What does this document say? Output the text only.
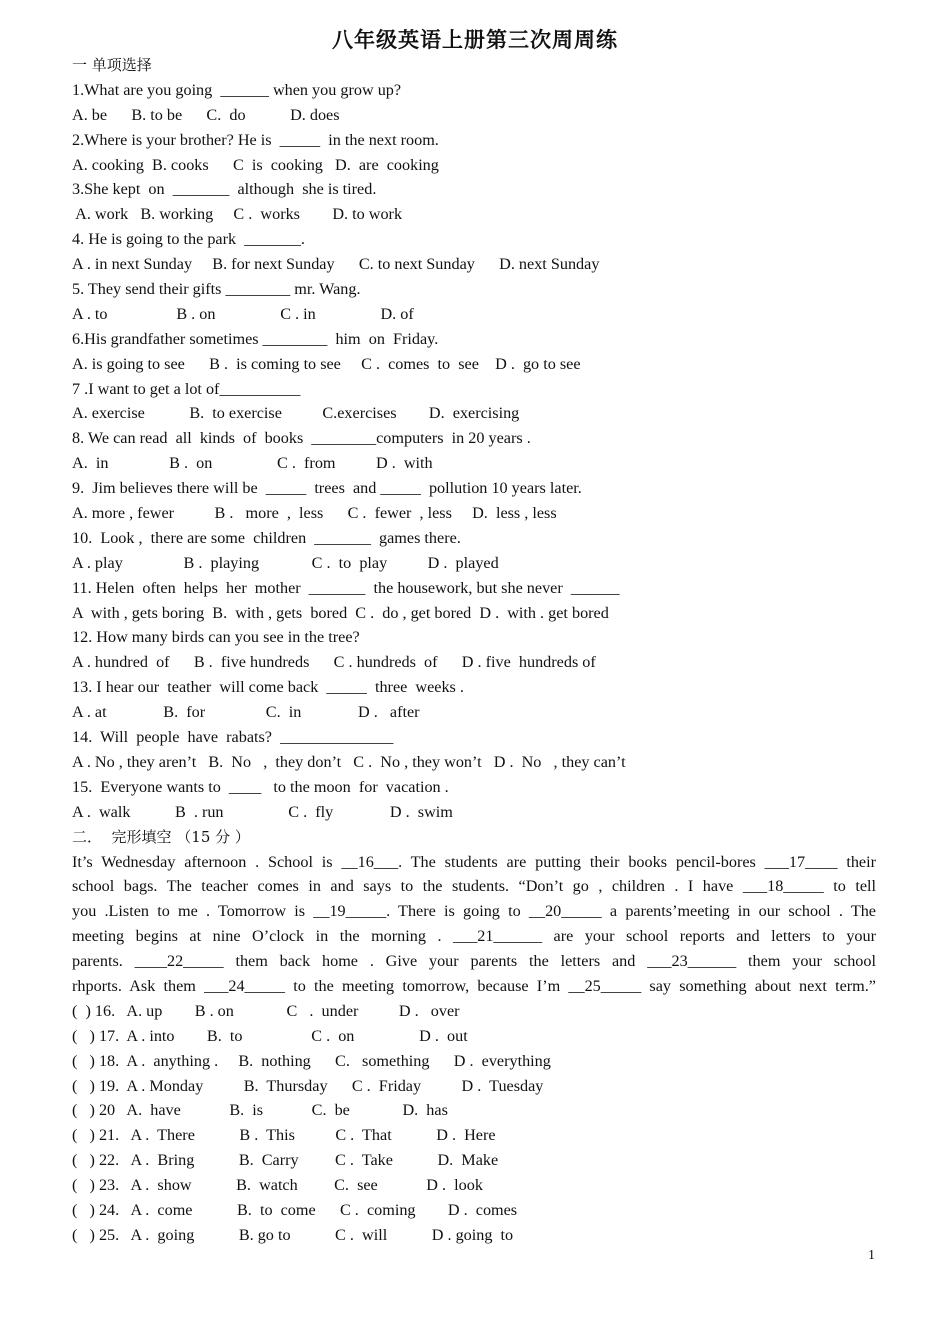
八年级英语上册第三次周周练
一 单项选择
1.What are you going  ______ when you grow up?
A. be      B. to be      C.  do           D. does
2.Where is your brother? He is  _____  in the next room.
A. cooking  B. cooks      C  is  cooking   D.  are  cooking
3.She kept  on  _______  although  she is tired.
A. work   B. working     C .  works        D. to work
4. He is going to the park  _______.
A . in next Sunday     B. for next Sunday      C. to next Sunday      D. next Sunday
5. They send their gifts ________ mr. Wang.
A . to                 B . on                C . in                D. of
6.His grandfather sometimes ________  him  on  Friday.
A. is going to see      B .  is coming to see     C .  comes  to  see    D .  go to see
7 .I want to get a lot of__________
A. exercise           B.  to exercise          C.exercises        D.  exercising
8. We can read  all  kinds  of  books  ________computers  in 20 years .
A.  in               B .  on                C .  from          D .  with
9.  Jim believes there will be  _____  trees  and _____  pollution 10 years later.
A. more , fewer          B .   more  ,  less      C .  fewer  , less     D.  less , less
10.  Look ,  there are some  children  _______  games there.
A . play               B .  playing             C .  to  play          D .  played
11. Helen  often  helps  her  mother  _______  the housework, but she never  ______
A  with , gets boring  B.  with , gets  bored  C .  do , get bored  D .  with . get bored
12. How many birds can you see in the tree?
A . hundred  of      B .  five hundreds      C . hundreds  of      D . five  hundreds of
13. I hear our  teather  will come back  _____  three  weeks .
A . at              B.  for               C.  in              D .   after
14.  Will  people  have  rabats?  ______________
A . No , they aren’t   B.  No   ,  they don’t   C .  No , they won’t   D .  No   , they can’t
15.  Everyone wants to  ____   to the moon  for  vacation .
A .  walk           B  . run                C .  fly              D .  swim
二．  完形填空 （15 分 ）
It’s Wednesday afternoon . School is __16___. The students are putting their books pencil-bores ___17____ their
school bags. The teacher comes in and says to the students. “Don’t go , children . I have ___18_____ to tell
you .Listen to me . Tomorrow is __19_____. There is going to __20_____ a parents’meeting in our school . The
meeting begins at nine O’clock in the morning . ___21______ are your school reports and letters to your
parents. ____22_____ them back home . Give your parents the letters and ___23______ them your school
rhports. Ask them ___24_____ to the meeting tomorrow, because I’m __25_____ say something about next term.”
(  ) 16.   A. up        B . on             C   .  under          D .   over
(   ) 17.  A . into        B.  to                 C .  on                D .  out
(   ) 18.  A .  anything .     B.  nothing      C.   something      D .  everything
(   ) 19.  A . Monday          B.  Thursday      C .  Friday          D .  Tuesday
(   ) 20   A.  have            B.  is            C.  be             D.  has
(   ) 21.   A .  There           B .  This          C .  That           D .  Here
(   ) 22.   A .  Bring           B.  Carry         C .  Take           D.  Make
(   ) 23.   A .  show           B.  watch         C.  see            D .  look
(   ) 24.   A .  come           B.  to  come      C .  coming        D .  comes
(   ) 25.   A .  going           B. go to           C .  will           D . going  to
1
